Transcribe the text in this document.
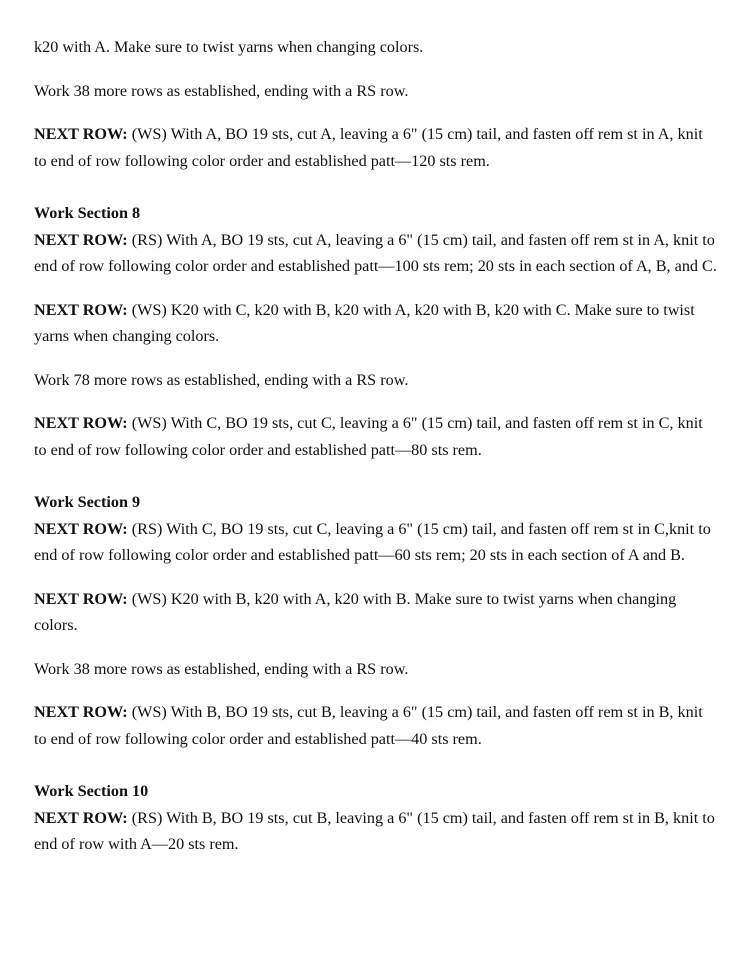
k20 with A. Make sure to twist yarns when changing colors.

Work 38 more rows as established, ending with a RS row.

NEXT ROW: (WS) With A, BO 19 sts, cut A, leaving a 6" (15 cm) tail, and fasten off rem st in A, knit to end of row following color order and established patt—120 sts rem.

Work Section 8

NEXT ROW: (RS) With A, BO 19 sts, cut A, leaving a 6" (15 cm) tail, and fasten off rem st in A, knit to end of row following color order and established patt—100 sts rem; 20 sts in each section of A, B, and C.

NEXT ROW: (WS) K20 with C, k20 with B, k20 with A, k20 with B, k20 with C. Make sure to twist yarns when changing colors.

Work 78 more rows as established, ending with a RS row.

NEXT ROW: (WS) With C, BO 19 sts, cut C, leaving a 6" (15 cm) tail, and fasten off rem st in C, knit to end of row following color order and established patt—80 sts rem.

Work Section 9

NEXT ROW: (RS) With C, BO 19 sts, cut C, leaving a 6" (15 cm) tail, and fasten off rem st in C,knit to end of row following color order and established patt—60 sts rem; 20 sts in each section of A and B.

NEXT ROW: (WS) K20 with B, k20 with A, k20 with B. Make sure to twist yarns when changing colors.

Work 38 more rows as established, ending with a RS row.

NEXT ROW: (WS) With B, BO 19 sts, cut B, leaving a 6" (15 cm) tail, and fasten off rem st in B, knit to end of row following color order and established patt—40 sts rem.

Work Section 10

NEXT ROW: (RS) With B, BO 19 sts, cut B, leaving a 6" (15 cm) tail, and fasten off rem st in B, knit to end of row with A—20 sts rem.
